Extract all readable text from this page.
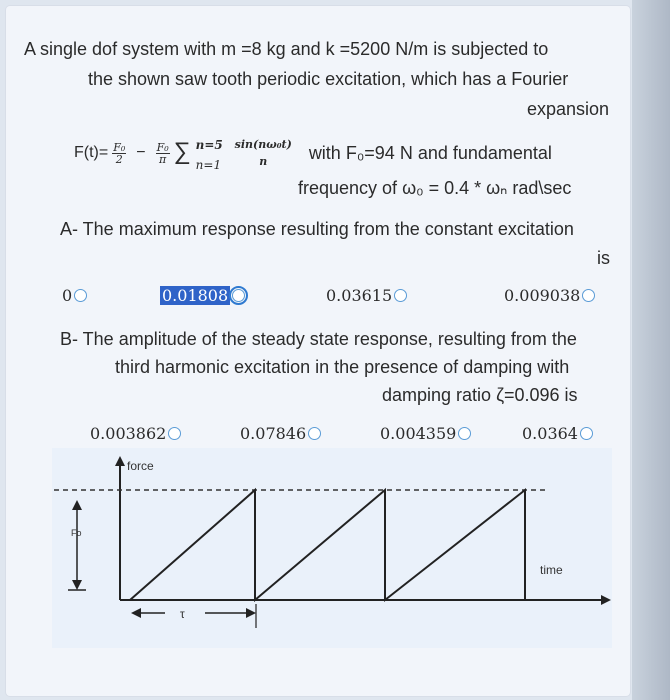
A single dof system with m =8 kg and k =5200 N/m is subjected to
the shown saw tooth periodic excitation, which has a Fourier
expansion
$F(t)= \frac{\text{F₀}}{2} - \frac{\text{F₀}}{\pi}$ ∑ n=5
n=1
sin(nω₀t)
n	with F₀=94 N and fundamental
frequency of ω₀ = 0.4 * ωₙ rad\sec
A- The maximum response resulting from the constant excitation
is
0	0.01808	0.03615	0.009038
B- The amplitude of the steady state response, resulting from the
third harmonic excitation in the presence of damping with
damping ratio ζ=0.096 is
0.003862	0.07846	0.004359	0.0364
force
Fo
time
τ
